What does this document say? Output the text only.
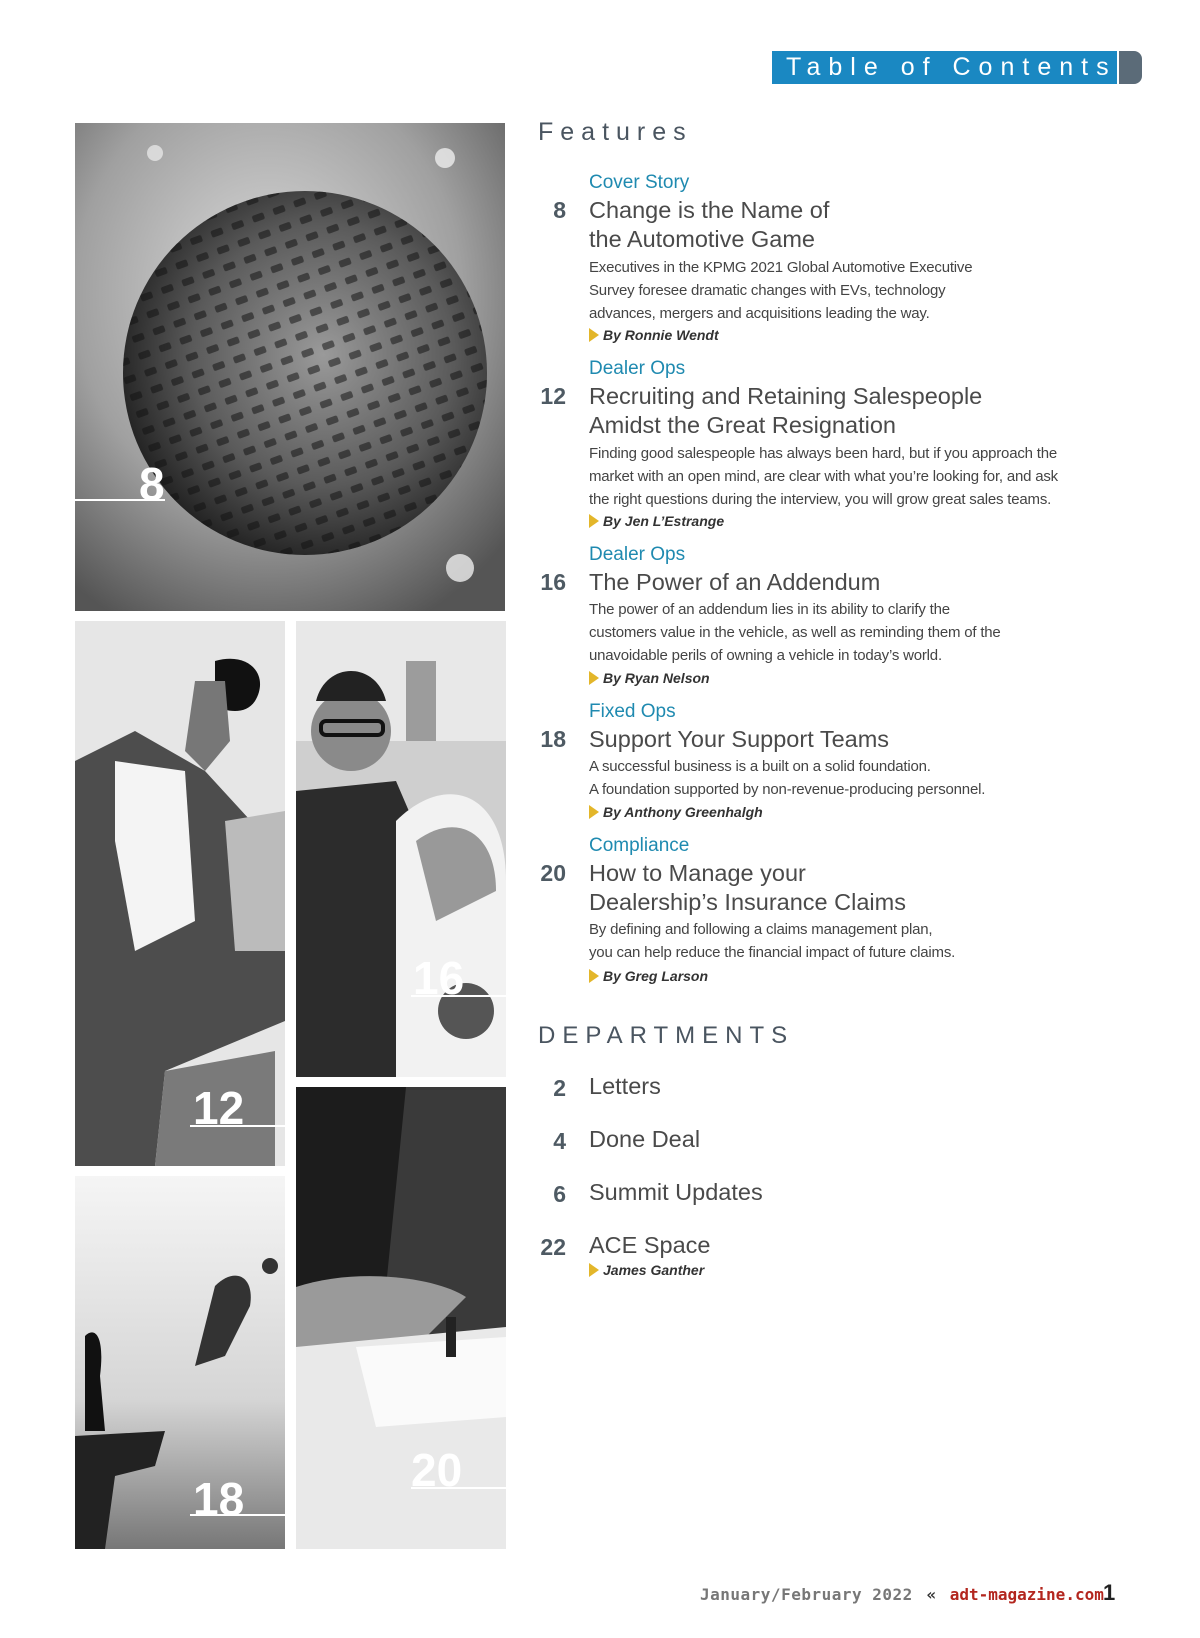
Table of Contents
8
12
16
18
20
Features
Cover Story
8 Change is the Name of
the Automotive Game
Executives in the KPMG 2021 Global Automotive Executive
Survey foresee dramatic changes with EVs, technology
advances, mergers and acquisitions leading the way.
By Ronnie Wendt
Dealer Ops
12 Recruiting and Retaining Salespeople
Amidst the Great Resignation
Finding good salespeople has always been hard, but if you approach the
market with an open mind, are clear with what you’re looking for, and ask
the right questions during the interview, you will grow great sales teams.
By Jen L’Estrange
Dealer Ops
16 The Power of an Addendum
The power of an addendum lies in its ability to clarify the
customers value in the vehicle, as well as reminding them of the
unavoidable perils of owning a vehicle in today’s world.
By Ryan Nelson
Fixed Ops
18 Support Your Support Teams
A successful business is a built on a solid foundation.
A foundation supported by non-revenue-producing personnel.
By Anthony Greenhalgh
Compliance
20 How to Manage your
Dealership’s Insurance Claims
By defining and following a claims management plan,
you can help reduce the financial impact of future claims.
By Greg Larson
DEPARTMENTS
2 Letters
4 Done Deal
6 Summit Updates
22 ACE Space
James Ganther
January/February 2022 « adt-magazine.com 1
